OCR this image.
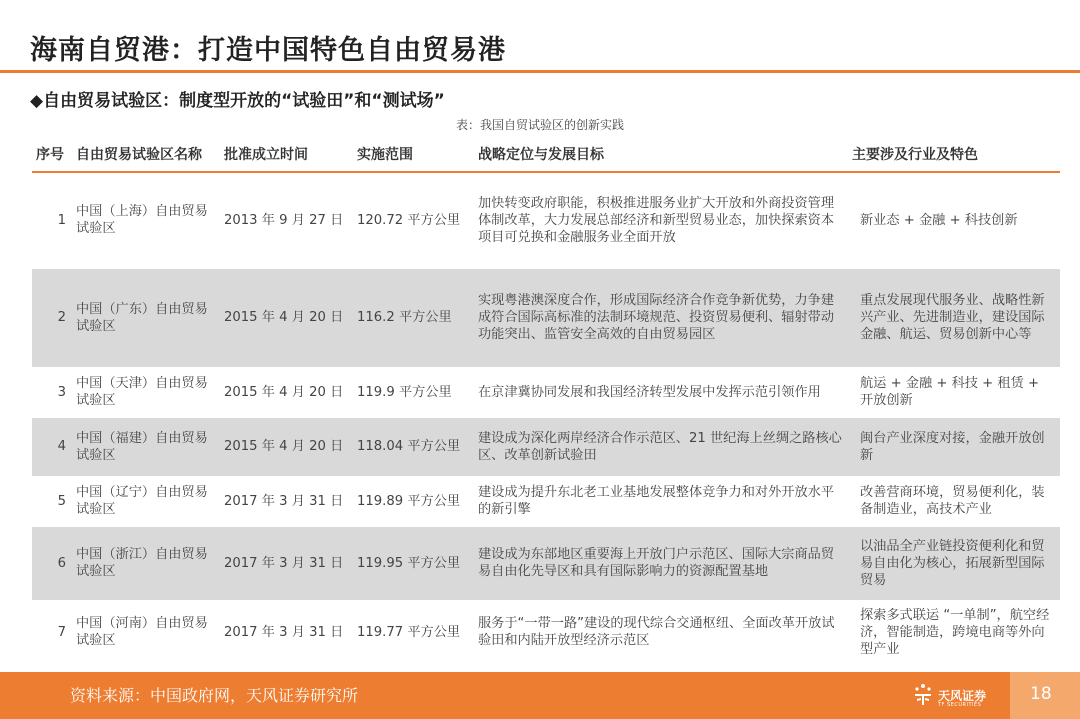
海南自贸港：打造中国特色自由贸易港
◆自由贸易试验区：制度型开放的“试验田”和“测试场”
表：我国自贸试验区的创新实践
序号	自由贸易试验区名称	批准成立时间	实施范围	战略定位与发展目标	主要涉及行业及特色
1	中国（上海）自由贸易试验区	2013 年 9 月 27 日	120.72 平方公里	加快转变政府职能，积极推进服务业扩大开放和外商投资管理体制改革，大力发展总部经济和新型贸易业态，加快探索资本项目可兑换和金融服务业全面开放	新业态 + 金融 + 科技创新
2	中国（广东）自由贸易试验区	2015 年 4 月 20 日	116.2 平方公里	实现粤港澳深度合作，形成国际经济合作竞争新优势，力争建成符合国际高标准的法制环境规范、投资贸易便利、辐射带动功能突出、监管安全高效的自由贸易园区	重点发展现代服务业、战略性新兴产业、先进制造业，建设国际金融、航运、贸易创新中心等
3	中国（天津）自由贸易试验区	2015 年 4 月 20 日	119.9 平方公里	在京津冀协同发展和我国经济转型发展中发挥示范引领作用	航运 + 金融 + 科技 + 租赁 + 开放创新
4	中国（福建）自由贸易试验区	2015 年 4 月 20 日	118.04 平方公里	建设成为深化两岸经济合作示范区、21 世纪海上丝绸之路核心区、改革创新试验田	闽台产业深度对接，金融开放创新
5	中国（辽宁）自由贸易试验区	2017 年 3 月 31 日	119.89 平方公里	建设成为提升东北老工业基地发展整体竞争力和对外开放水平的新引擎	改善营商环境，贸易便利化，装备制造业，高技术产业
6	中国（浙江）自由贸易试验区	2017 年 3 月 31 日	119.95 平方公里	建设成为东部地区重要海上开放门户示范区、国际大宗商品贸易自由化先导区和具有国际影响力的资源配置基地	以油品全产业链投资便利化和贸易自由化为核心，拓展新型国际贸易
7	中国（河南）自由贸易试验区	2017 年 3 月 31 日	119.77 平方公里	服务于“一带一路”建设的现代综合交通枢纽、全面改革开放试验田和内陆开放型经济示范区	探索多式联运 “一单制”，航空经济，智能制造，跨境电商等外向型产业
资料来源：中国政府网，天风证券研究所	天风证券
TF SECURITIES
18
